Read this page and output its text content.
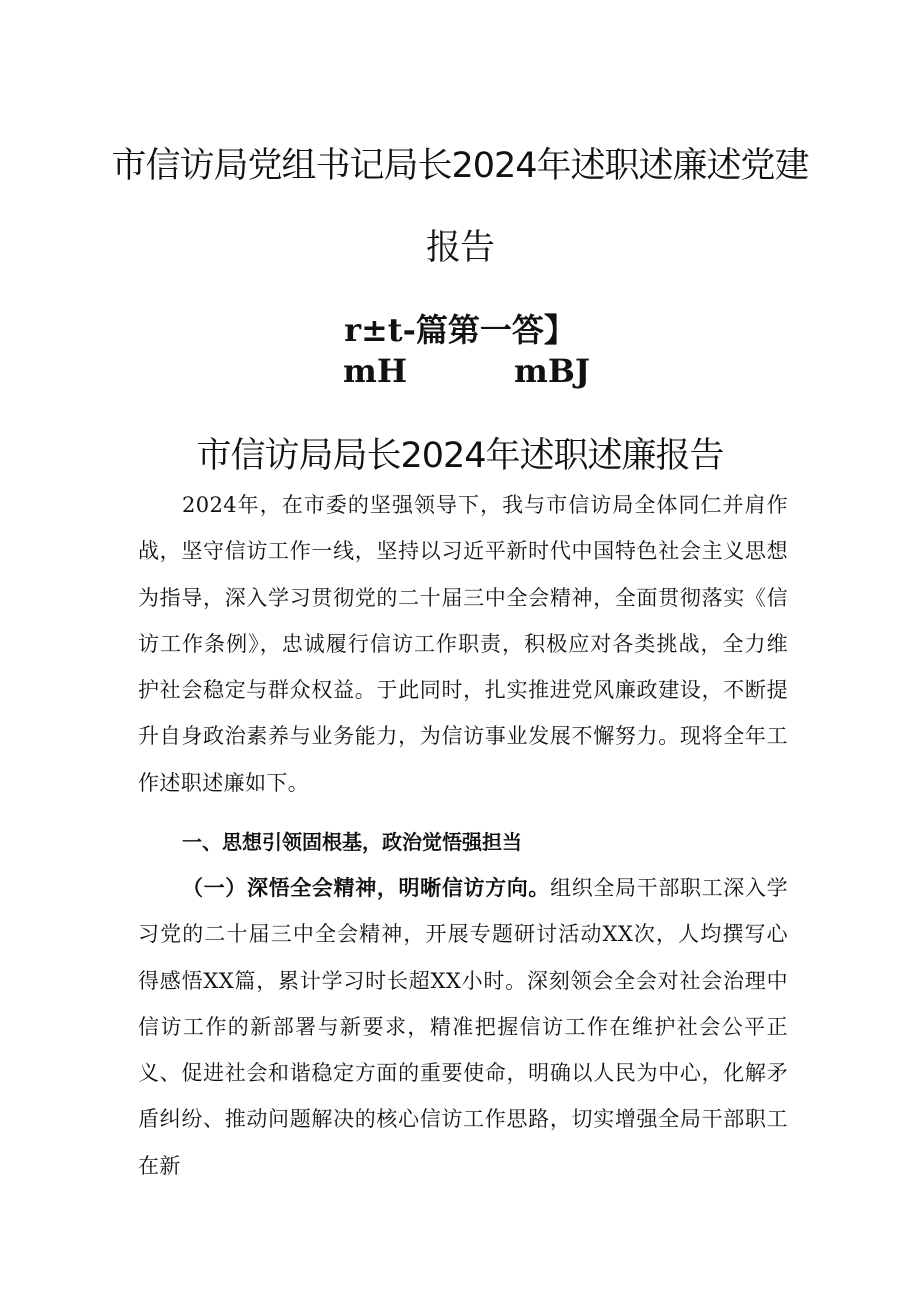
市信访局党组书记局长2024年述职述廉述党建
报告
r±t-篇第一答】
mH	mBJ
市信访局局长2024年述职述廉报告

2024年，在市委的坚强领导下，我与市信访局全体同仁并肩作战，坚守信访工作一线，坚持以习近平新时代中国特色社会主义思想为指导，深入学习贯彻党的二十届三中全会精神，全面贯彻落实《信访工作条例》，忠诚履行信访工作职责，积极应对各类挑战，全力维护社会稳定与群众权益。于此同时，扎实推进党风廉政建设，不断提升自身政治素养与业务能力，为信访事业发展不懈努力。现将全年工作述职述廉如下。

一、思想引领固根基，政治觉悟强担当

（一）深悟全会精神，明晰信访方向。组织全局干部职工深入学习党的二十届三中全会精神，开展专题研讨活动XX次，人均撰写心得感悟XX篇，累计学习时长超XX小时。深刻领会全会对社会治理中信访工作的新部署与新要求，精准把握信访工作在维护社会公平正义、促进社会和谐稳定方面的重要使命，明确以人民为中心，化解矛盾纠纷、推动问题解决的核心信访工作思路，切实增强全局干部职工在新
